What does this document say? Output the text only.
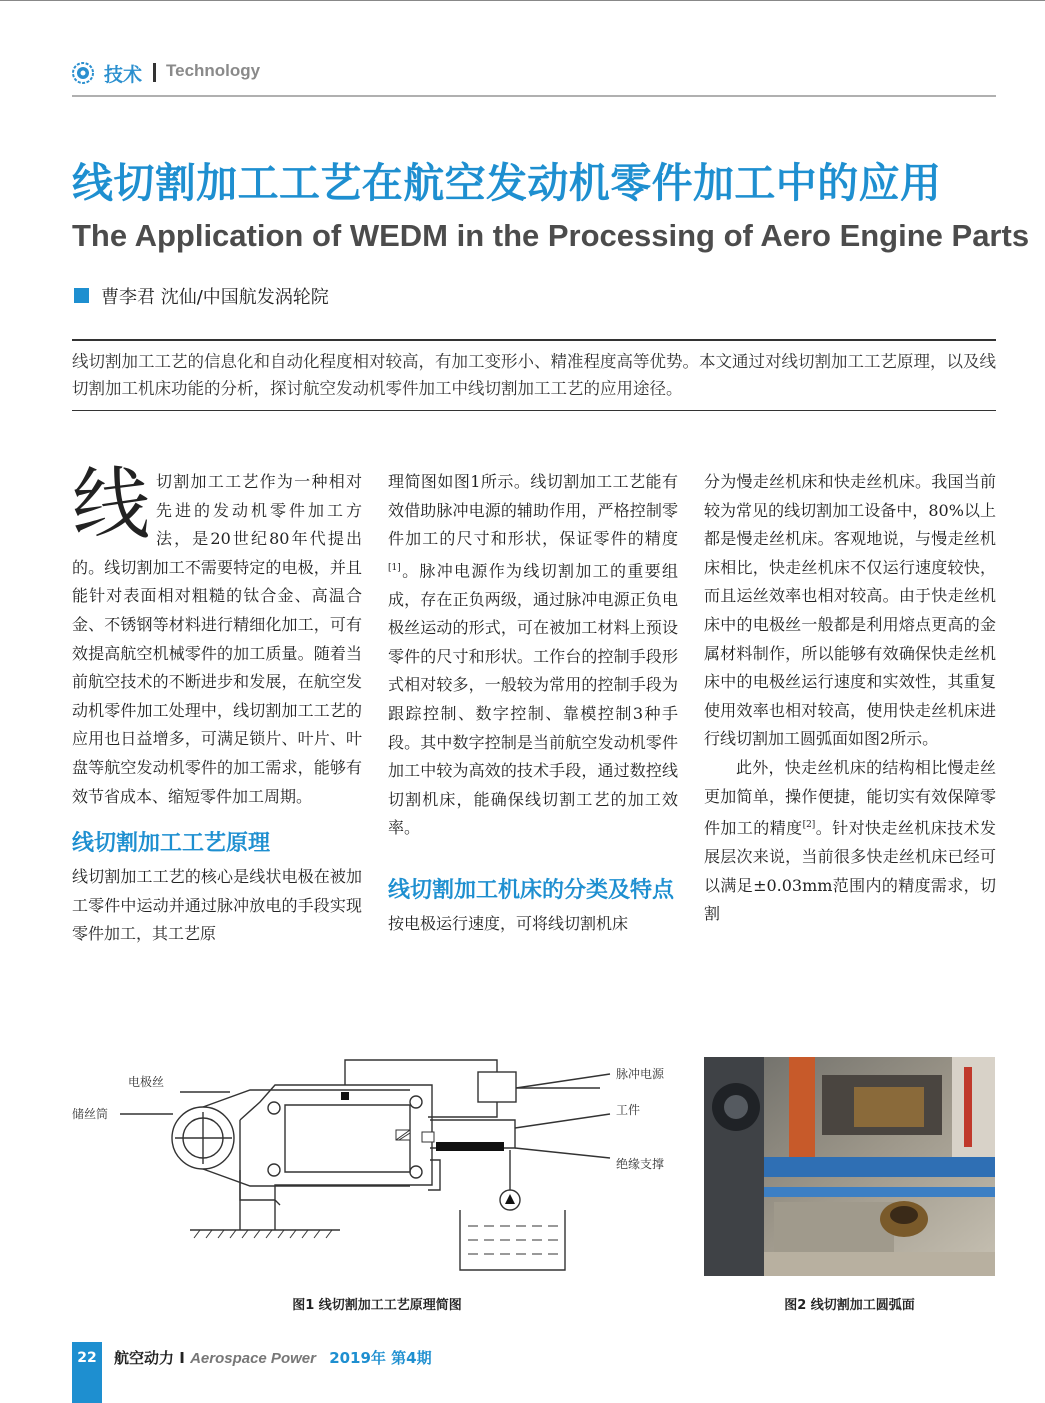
技术 Technology
线切割加工工艺在航空发动机零件加工中的应用
The Application of WEDM in the Processing of Aero Engine Parts
曹李君 沈仙/中国航发涡轮院
线切割加工工艺的信息化和自动化程度相对较高，有加工变形小、精准程度高等优势。本文通过对线切割加工工艺原理，以及线切割加工机床功能的分析，探讨航空发动机零件加工中线切割加工工艺的应用途径。

线切割加工工艺作为一种相对先进的发动机零件加工方法，是20世纪80年代提出的。线切割加工不需要特定的电极，并且能针对表面相对粗糙的钛合金、高温合金、不锈钢等材料进行精细化加工，可有效提高航空机械零件的加工质量。随着当前航空技术的不断进步和发展，在航空发动机零件加工处理中，线切割加工工艺的应用也日益增多，可满足锁片、叶片、叶盘等航空发动机零件的加工需求，能够有效节省成本、缩短零件加工周期。

线切割加工工艺原理

线切割加工工艺的核心是线状电极在被加工零件中运动并通过脉冲放电的手段实现零件加工，其工艺原

理简图如图1所示。线切割加工工艺能有效借助脉冲电源的辅助作用，严格控制零件加工的尺寸和形状，保证零件的精度[1]。脉冲电源作为线切割加工的重要组成，存在正负两级，通过脉冲电源正负电极丝运动的形式，可在被加工材料上预设零件的尺寸和形状。工作台的控制手段形式相对较多，一般较为常用的控制手段为跟踪控制、数字控制、靠模控制3种手段。其中数字控制是当前航空发动机零件加工中较为高效的技术手段，通过数控线切割机床，能确保线切割工艺的加工效率。

线切割加工机床的分类及特点

按电极运行速度，可将线切割机床

分为慢走丝机床和快走丝机床。我国当前较为常见的线切割加工设备中，80%以上都是慢走丝机床。客观地说，与慢走丝机床相比，快走丝机床不仅运行速度较快，而且运丝效率也相对较高。由于快走丝机床中的电极丝一般都是利用熔点更高的金属材料制作，所以能够有效确保快走丝机床中的电极丝运行速度和实效性，其重复使用效率也相对较高，使用快走丝机床进行线切割加工圆弧面如图2所示。

此外，快走丝机床的结构相比慢走丝更加简单，操作便捷，能切实有效保障零件加工的精度[2]。针对快走丝机床技术发展层次来说，当前很多快走丝机床已经可以满足±0.03mm范围内的精度需求，切割

电极丝
储丝筒
脉冲电源
工件
绝缘支撑
图1 线切割加工工艺原理简图	图2 线切割加工圆弧面
22	航空动力 I Aerospace Power 2019年 第4期
